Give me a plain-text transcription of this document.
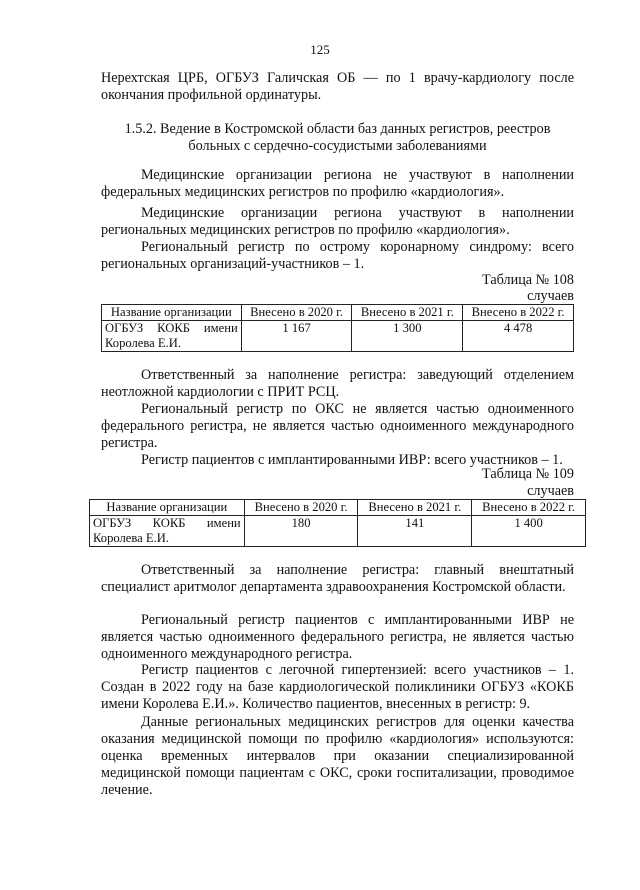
125
Нерехтская ЦРБ, ОГБУЗ Галичская ОБ — по 1 врачу-кардиологу после
окончания профильной ординатуры.
1.5.2. Ведение в Костромской области баз данных регистров, реестров
больных с сердечно-сосудистыми заболеваниями
Медицинские организации региона не участвуют в наполнении федеральных медицинских регистров по профилю «кардиология».
Медицинские организации региона участвуют в наполнении региональных медицинских регистров по профилю «кардиология».
Региональный регистр по острому коронарному синдрому: всего региональных организаций-участников – 1.
Таблица № 108
случаев
Название организации	Внесено в 2020 г.	Внесено в 2021 г.	Внесено в 2022 г.

ОГБУЗ КОКБ имени
Королева Е.И.	1 167	1 300	4 478
Ответственный за наполнение регистра: заведующий отделением неотложной кардиологии с ПРИТ РСЦ.
Региональный регистр по ОКС не является частью одноименного федерального регистра, не является частью одноименного международного регистра.
Регистр пациентов с имплантированными ИВР: всего участников – 1.
Таблица № 109
случаев
Название организации	Внесено в 2020 г.	Внесено в 2021 г.	Внесено в 2022 г.

ОГБУЗ КОКБ имени
Королева Е.И.	180	141	1 400
Ответственный за наполнение регистра: главный внештатный специалист аритмолог департамента здравоохранения Костромской области.
Региональный регистр пациентов с имплантированными ИВР не является частью одноименного федерального регистра, не является частью одноименного международного регистра.
Регистр пациентов с легочной гипертензией: всего участников – 1. Создан в 2022 году на базе кардиологической поликлиники ОГБУЗ «КОКБ имени Королева Е.И.». Количество пациентов, внесенных в регистр: 9.
Данные региональных медицинских регистров для оценки качества оказания медицинской помощи по профилю «кардиология» используются: оценка временных интервалов при оказании специализированной медицинской помощи пациентам с ОКС, сроки госпитализации, проводимое лечение.
